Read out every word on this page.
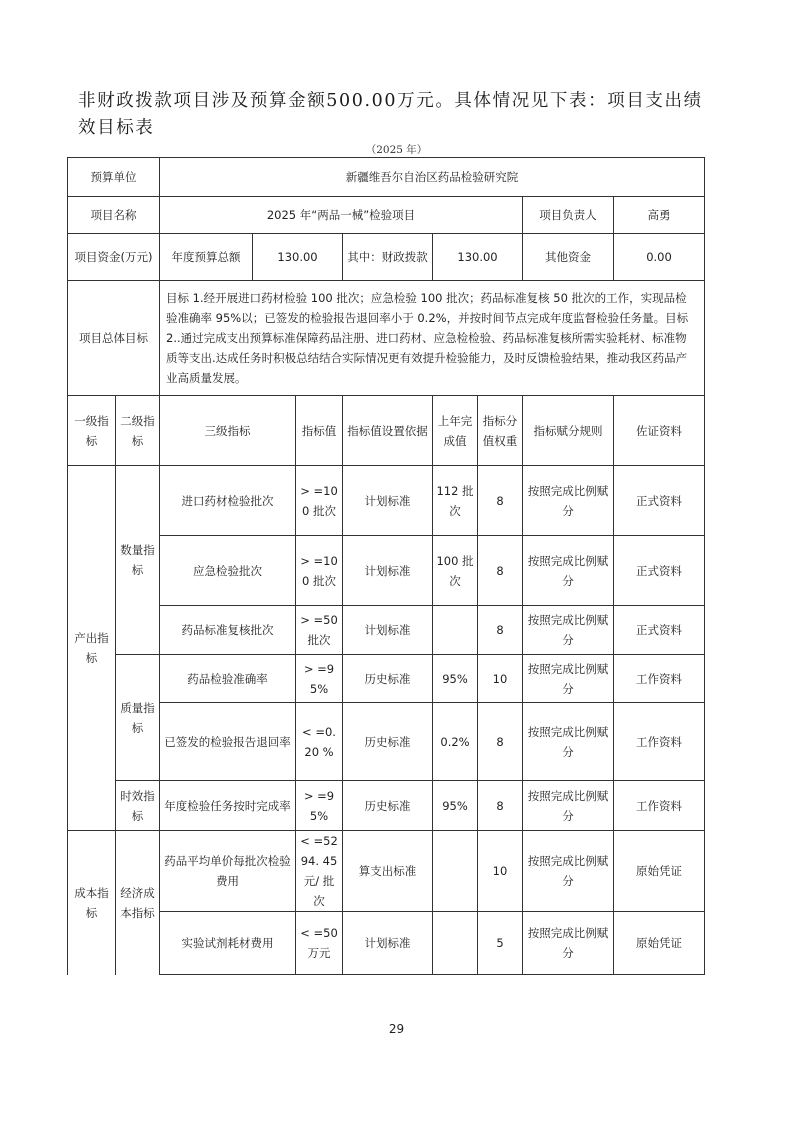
非财政拨款项目涉及预算金额500.00万元。具体情况见下表：项目支出绩效目标表
（2025 年）
预算单位		新疆维吾尔自治区药品检验研究院							
项目名称		2025 年“两品一械”检验项目						项目负责人	高勇
项目资金(万元)		年度预算总额	130.00		其中：财政拨款	130.00		其他资金	0.00
项目总体目标		目标 1.经开展进口药材检验 100 批次；应急检验 100 批次；药品标准复核 50 批次的工作，实现品检验准确率 95%以；已签发的检验报告退回率小于 0.2%，并按时间节点完成年度监督检验任务量。目标 2..通过完成支出预算标准保障药品注册、进口药材、应急检检验、药品标准复核所需实验耗材、标准物质等支出.达成任务时积极总结结合实际情况更有效提升检验能力，及时反馈检验结果，推动我区药品产业高质量发展。							
一级指标	二级指标	三级指标		指标值	指标值设置依据	上年完成值	指标分值权重	指标赋分规则	佐证资料
产出指标	数量指标	进口药材检验批次		> =100 批次	计划标准	112 批次	8	按照完成比例赋分	正式资料
		应急检验批次		> =100 批次	计划标准	100 批次	8	按照完成比例赋分	正式资料
		药品标准复核批次		> =50 批次	计划标准		8	按照完成比例赋分	正式资料
	质量指标	药品检验准确率		> =95%	历史标准	95%	10	按照完成比例赋分	工作资料
		已签发的检验报告退回率		< =0.20 %	历史标准	0.2%	8	按照完成比例赋分	工作资料
	时效指标	年度检验任务按时完成率		> =95%	历史标准	95%	8	按照完成比例赋分	工作资料
成本指标	经济成本指标	药品平均单价每批次检验费用		< =5294. 45 元/ 批次	算支出标准		10	按照完成比例赋分	原始凭证
		实验试剂耗材费用		< =50 万元	计划标准		5	按照完成比例赋分	原始凭证
29
